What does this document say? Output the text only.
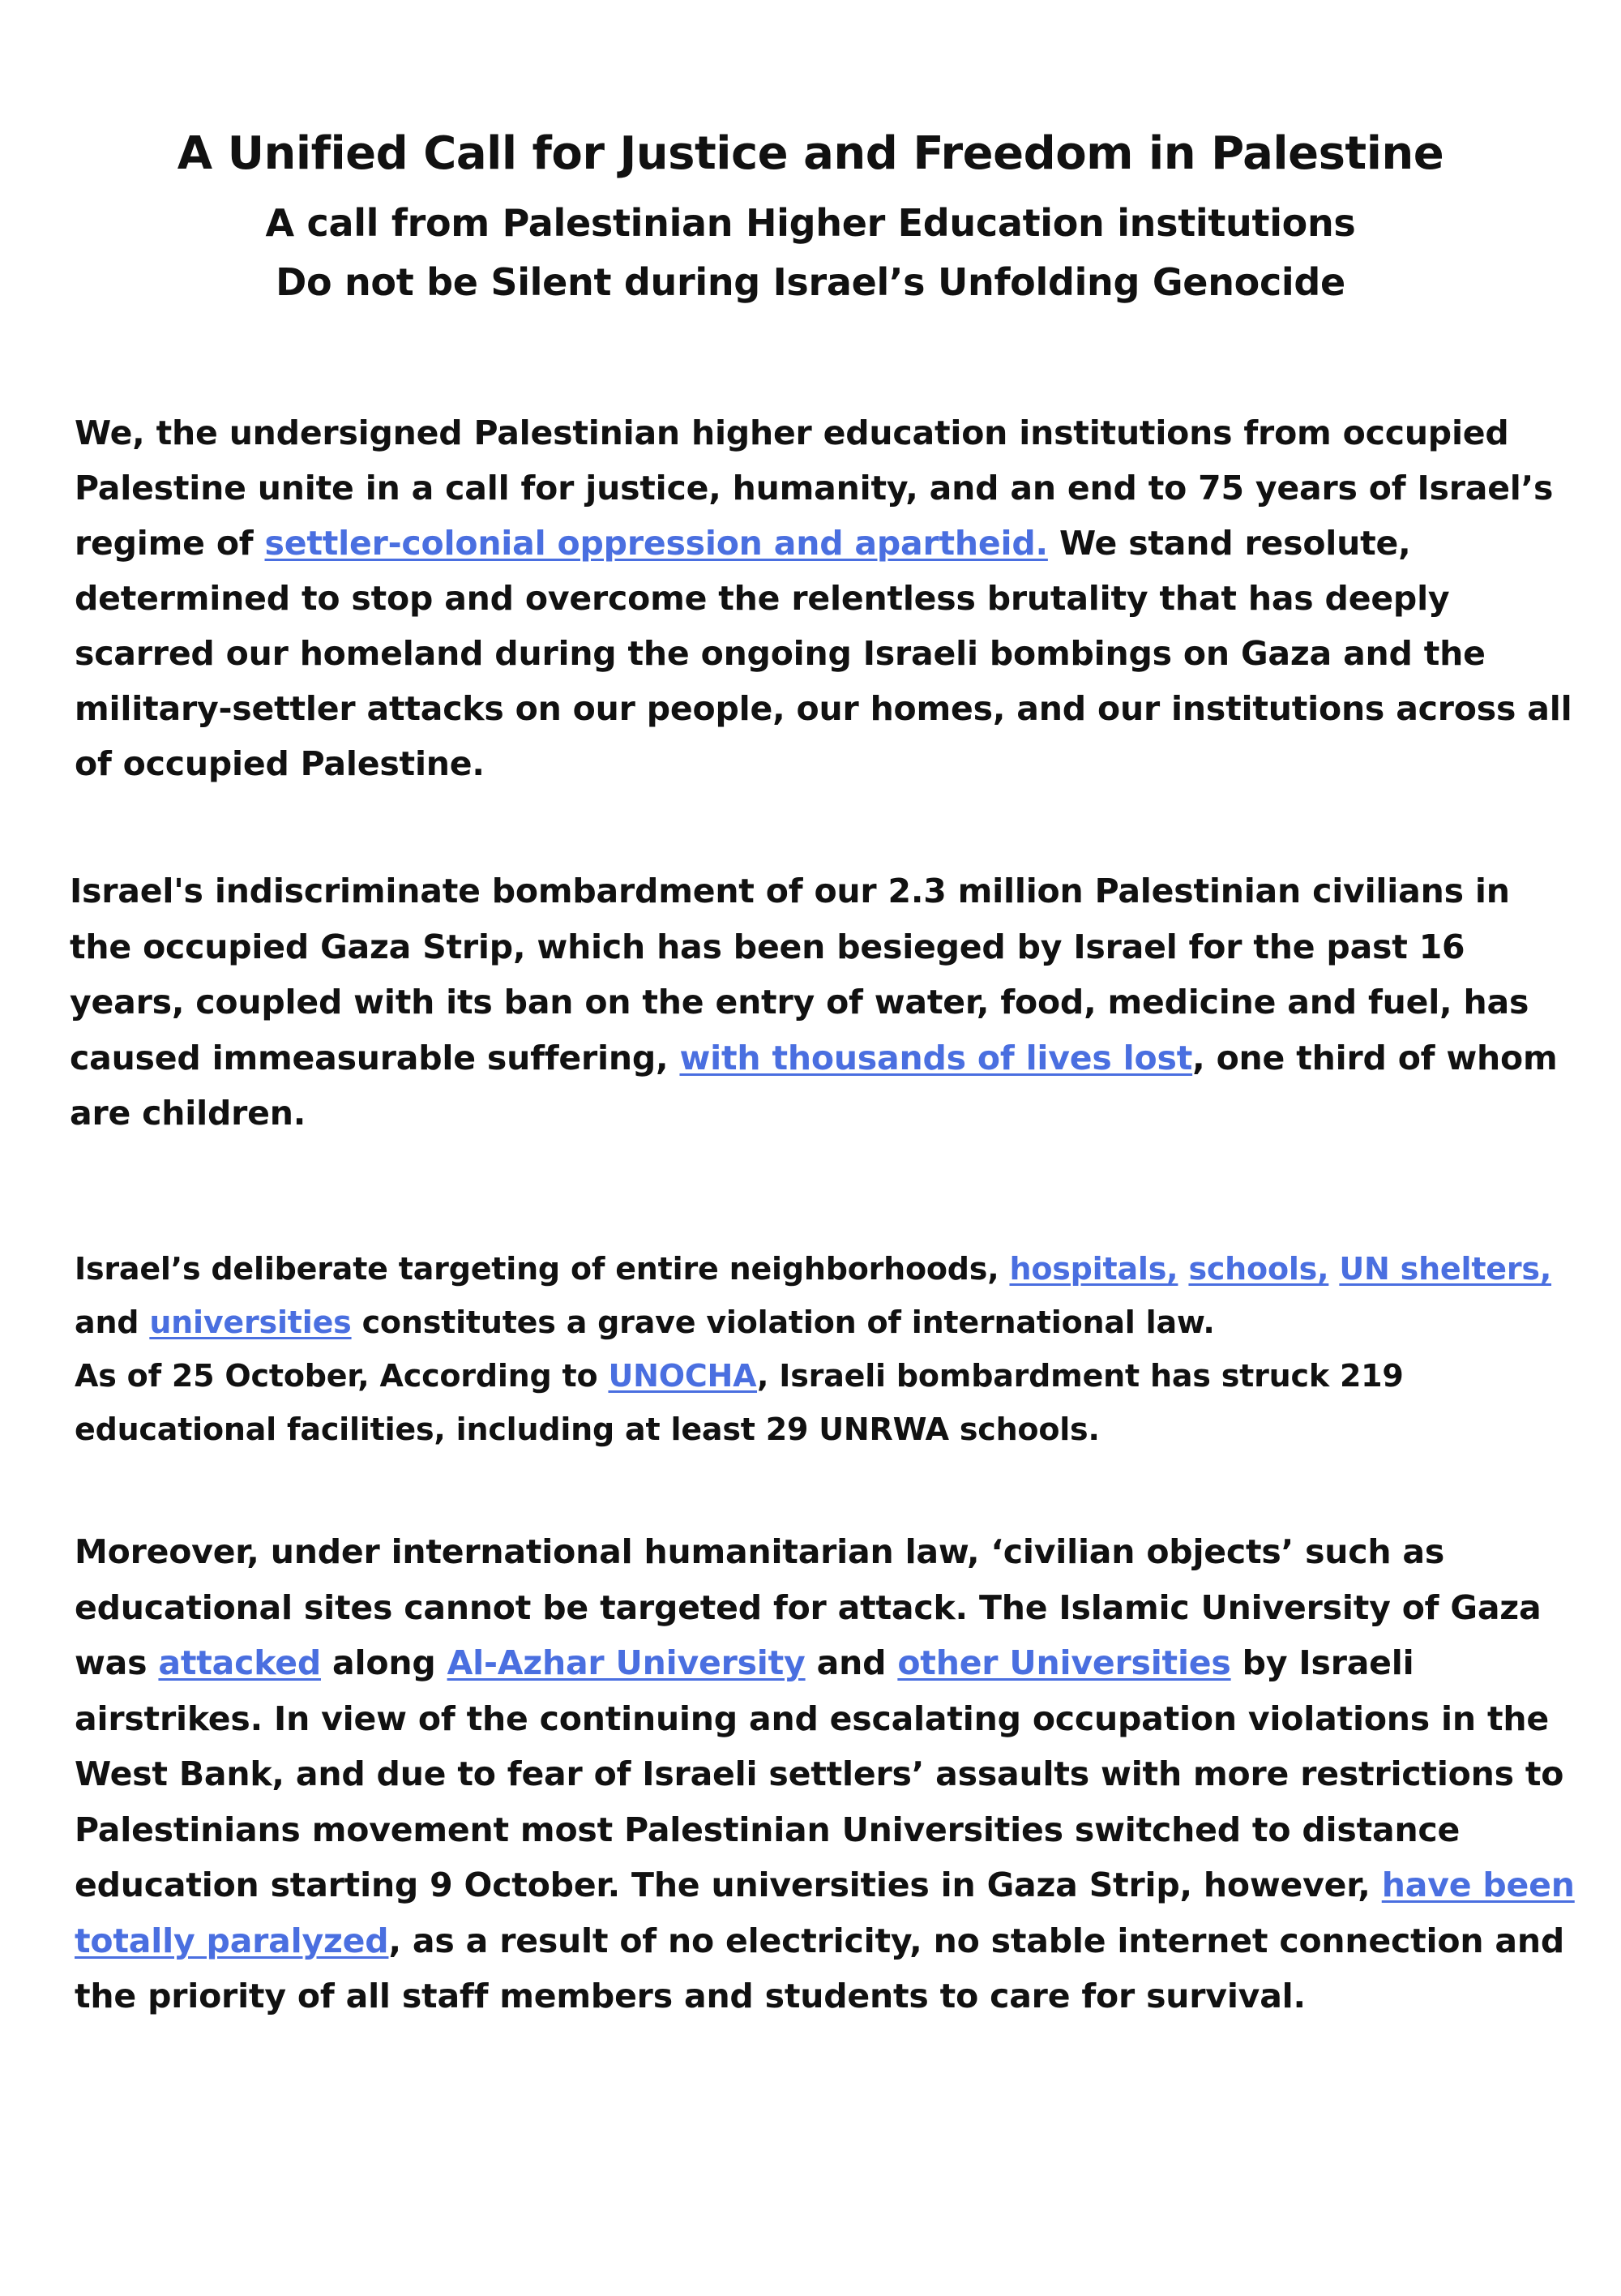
A Unified Call for Justice and Freedom in Palestine
A call from Palestinian Higher Education institutions
Do not be Silent during Israel’s Unfolding Genocide

We, the undersigned Palestinian higher education institutions from occupied Palestine unite in a call for justice, humanity, and an end to 75 years of Israel’s regime of settler-colonial oppression and apartheid. We stand resolute, determined to stop and overcome the relentless brutality that has deeply scarred our homeland during the ongoing Israeli bombings on Gaza and the military-settler attacks on our people, our homes, and our institutions across all of occupied Palestine.

Israel's indiscriminate bombardment of our 2.3 million Palestinian civilians in the occupied Gaza Strip, which has been besieged by Israel for the past 16 years, coupled with its ban on the entry of water, food, medicine and fuel, has caused immeasurable suffering, with thousands of lives lost, one third of whom are children.

Israel’s deliberate targeting of entire neighborhoods, hospitals, schools, UN shelters, and universities constitutes a grave violation of international law.
As of 25 October, According to UNOCHA, Israeli bombardment has struck 219 educational facilities, including at least 29 UNRWA schools.

Moreover, under international humanitarian law, ‘civilian objects’ such as educational sites cannot be targeted for attack. The Islamic University of Gaza was attacked along Al-Azhar University and other Universities by Israeli airstrikes. In view of the continuing and escalating occupation violations in the West Bank, and due to fear of Israeli settlers’ assaults with more restrictions to Palestinians movement most Palestinian Universities switched to distance education starting 9 October. The universities in Gaza Strip, however, have been totally paralyzed, as a result of no electricity, no stable internet connection and the priority of all staff members and students to care for survival.
